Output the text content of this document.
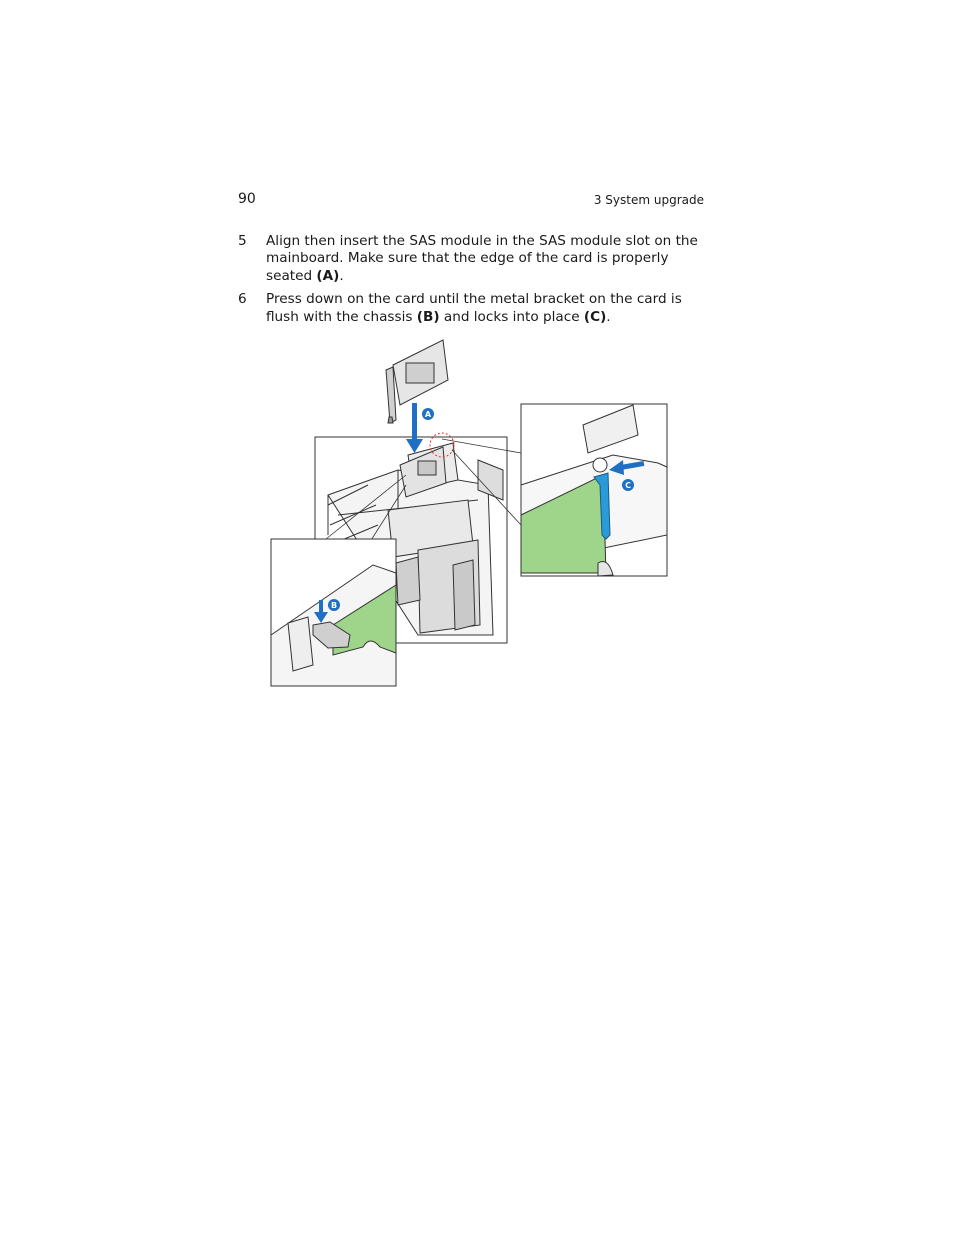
90	3 System upgrade
5 Align then insert the SAS module in the SAS module slot on the mainboard. Make sure that the edge of the card is properly seated (A).
6 Press down on the card until the metal bracket on the card is flush with the chassis (B) and locks into place (C).
A
C
B
